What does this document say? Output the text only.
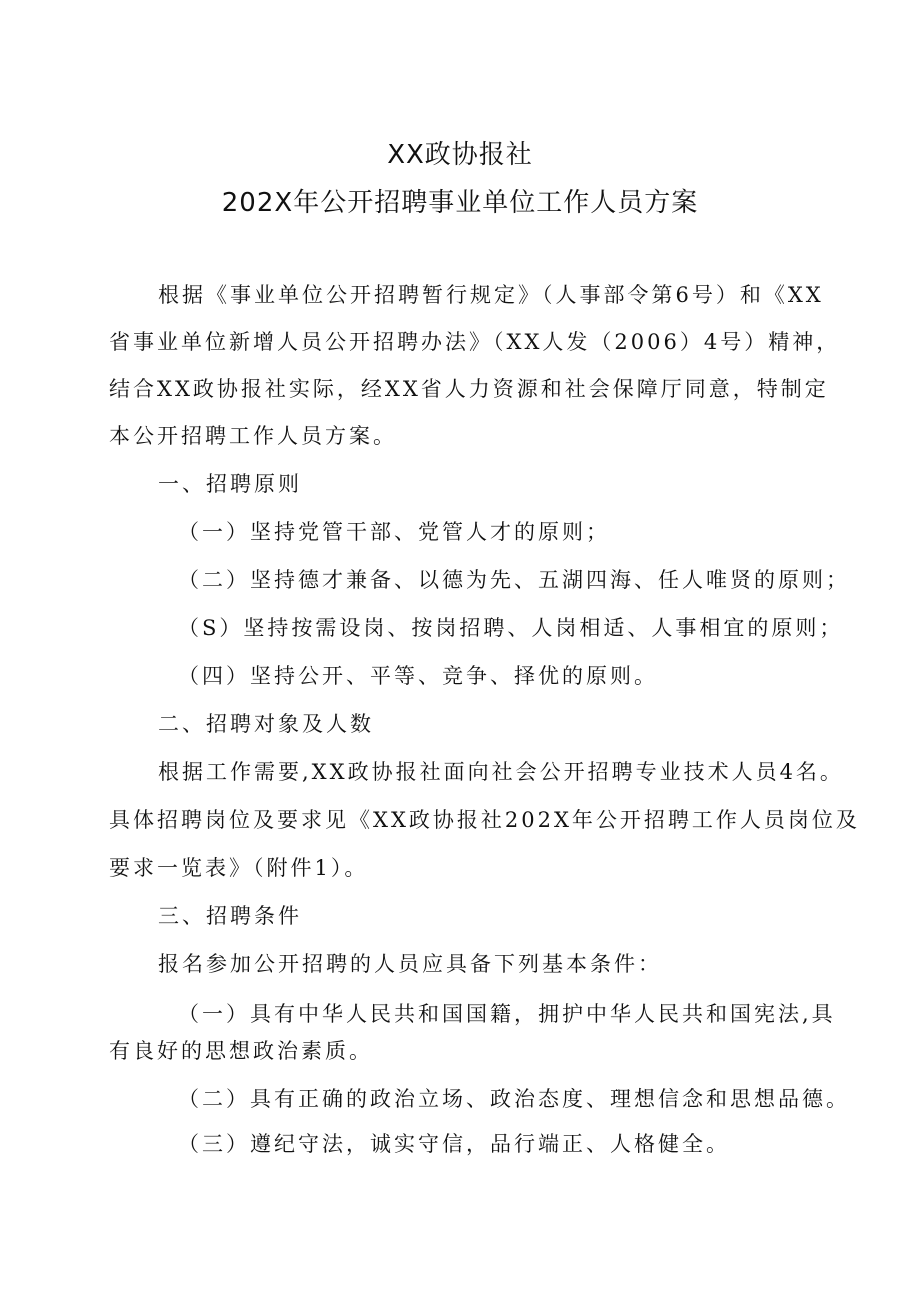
XX政协报社
202X年公开招聘事业单位工作人员方案
根据《事业单位公开招聘暂行规定》（人事部令第6号）和《XX
省事业单位新增人员公开招聘办法》（XX人发（2006）4号）精神，
结合XX政协报社实际，经XX省人力资源和社会保障厅同意，特制定
本公开招聘工作人员方案。
一、招聘原则
（一）坚持党管干部、党管人才的原则；
（二）坚持德才兼备、以德为先、五湖四海、任人唯贤的原则；
（S）坚持按需设岗、按岗招聘、人岗相适、人事相宜的原则；
（四）坚持公开、平等、竞争、择优的原则。
二、招聘对象及人数
根据工作需要,XX政协报社面向社会公开招聘专业技术人员4名。
具体招聘岗位及要求见《XX政协报社202X年公开招聘工作人员岗位及
要求一览表》（附件1）。
三、招聘条件
报名参加公开招聘的人员应具备下列基本条件：
（一）具有中华人民共和国国籍，拥护中华人民共和国宪法,具
有良好的思想政治素质。
（二）具有正确的政治立场、政治态度、理想信念和思想品德。
（三）遵纪守法，诚实守信，品行端正、人格健全。
